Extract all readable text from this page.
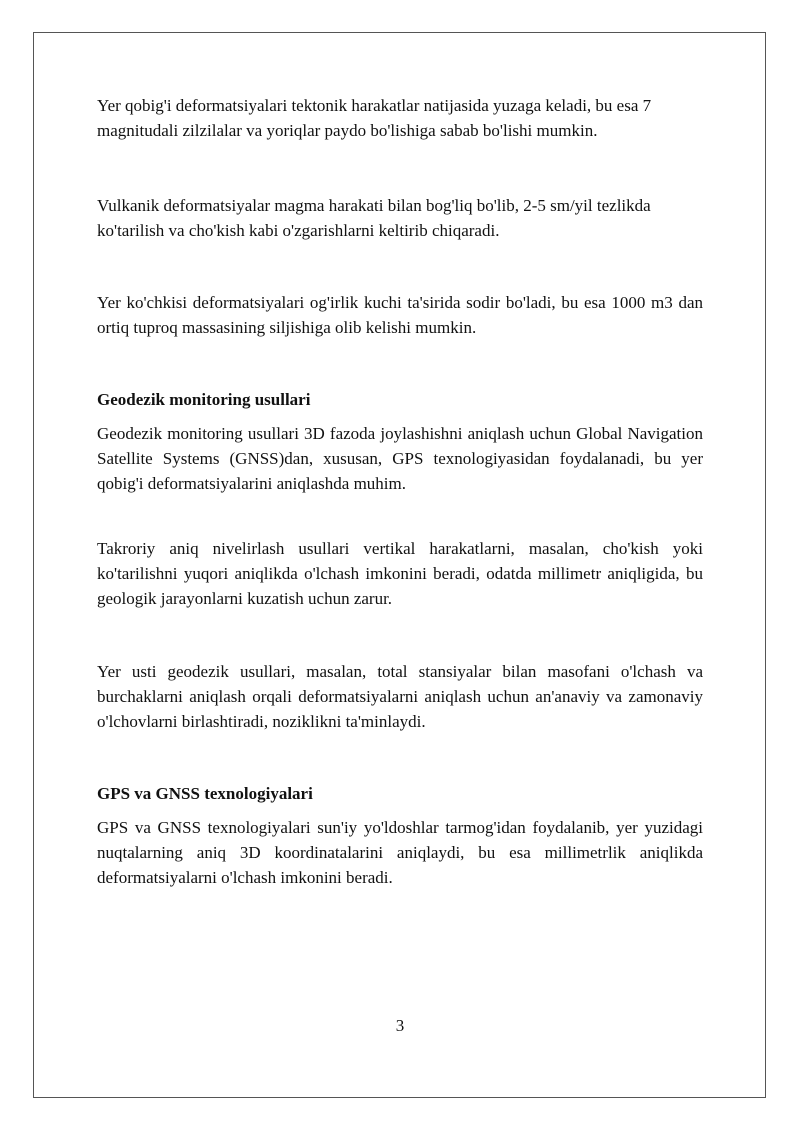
Yer qobig'i deformatsiyalari tektonik harakatlar natijasida yuzaga keladi, bu esa 7 magnitudali zilzilalar va yoriqlar paydo bo'lishiga sabab bo'lishi mumkin.

Vulkanik deformatsiyalar magma harakati bilan bog'liq bo'lib, 2-5 sm/yil tezlikda ko'tarilish va cho'kish kabi o'zgarishlarni keltirib chiqaradi.

Yer ko'chkisi deformatsiyalari og'irlik kuchi ta'sirida sodir bo'ladi, bu esa 1000 m3 dan ortiq tuproq massasining siljishiga olib kelishi mumkin.

Geodezik monitoring usullari

Geodezik monitoring usullari 3D fazoda joylashishni aniqlash uchun Global Navigation Satellite Systems (GNSS)dan, xususan, GPS texnologiyasidan foydalanadi, bu yer qobig'i deformatsiyalarini aniqlashda muhim.

Takroriy aniq nivelirlash usullari vertikal harakatlarni, masalan, cho'kish yoki ko'tarilishni yuqori aniqlikda o'lchash imkonini beradi, odatda millimetr aniqligida, bu geologik jarayonlarni kuzatish uchun zarur.

Yer usti geodezik usullari, masalan, total stansiyalar bilan masofani o'lchash va burchaklarni aniqlash orqali deformatsiyalarni aniqlash uchun an'anaviy va zamonaviy o'lchovlarni birlashtiradi, noziklikni ta'minlaydi.

GPS va GNSS texnologiyalari

GPS va GNSS texnologiyalari sun'iy yo'ldoshlar tarmog'idan foydalanib, yer yuzidagi nuqtalarning aniq 3D koordinatalarini aniqlaydi, bu esa millimetrlik aniqlikda deformatsiyalarni o'lchash imkonini beradi.

3
